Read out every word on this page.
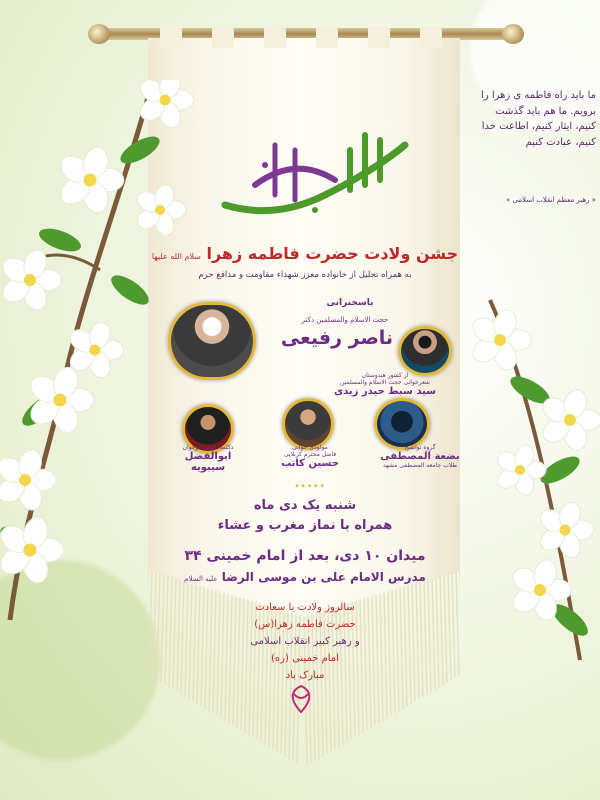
جشن ولادت حضرت فاطمه زهرا سلام الله علیها
به همراه تجلیل از خانواده معزز شهداء مقاومت و مدافع حرم
باسخنرانی
حجت الاسلام والمسلمین دکتر
ناصر رفیعی
از کشور هندوستان
شعرخوانی حجت الاسلام والمسلمین
سید سبط حیدر زیدی
گروه تواشیح
بضعة المصطفی
طلاب جامعه المصطفی مشهد
مولودی خوانی
فاضل محترم کربلایی
حسین کاتب
دکلمه خوانی نوجوان
ابوالفضل سیبویه
•••••
شنبه یک دی ماه
همراه با نماز مغرب و عشاء
میدان ۱۰ دی، بعد از امام خمینی ۳۴
مدرس الامام علی بن موسی الرضا علیه السلام
سالروز ولادت با سعادت
حضرت فاطمه زهرا(س)
و رهبر کبیر انقلاب اسلامی
امام خمینی (ره)
مبارک باد
ما باید راه فاطمه ی زهرا را برویم. ما هم باید گذشت کنیم، ایثار کنیم، اطاعت خدا کنیم، عبادت کنیم
« رهبر معظم انقلاب اسلامی »
